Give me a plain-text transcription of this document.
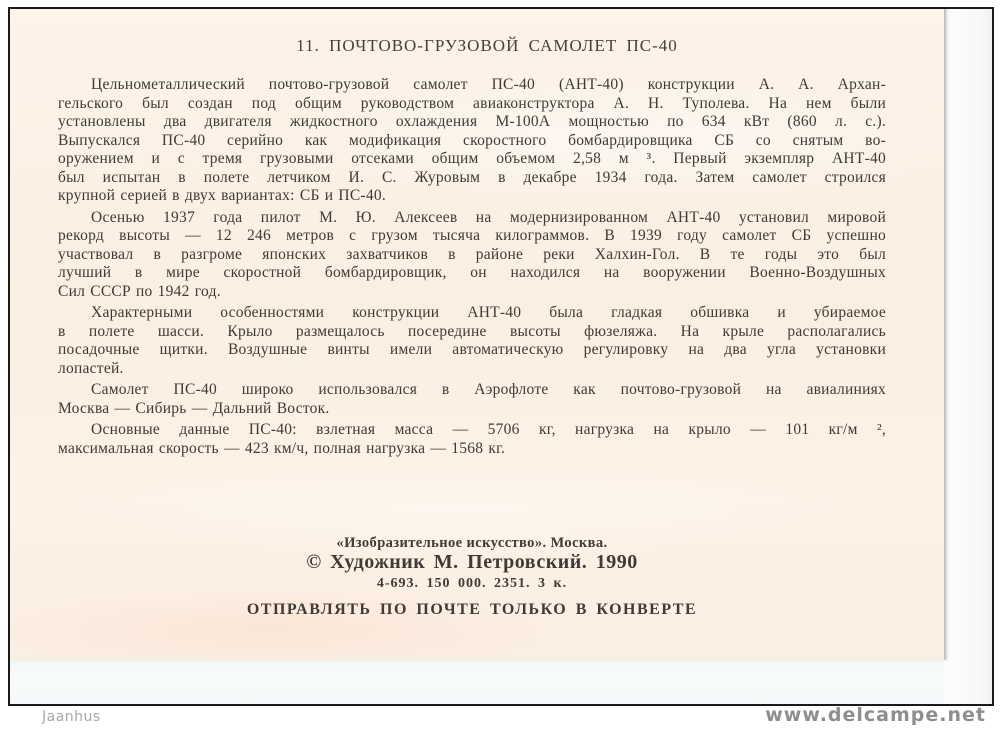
11. ПОЧТОВО-ГРУЗОВОЙ САМОЛЕТ ПС-40
Цельнометаллический почтово-грузовой самолет ПС-40 (АНТ-40) конструкции А. А. Архан-
гельского был создан под общим руководством авиаконструктора А. Н. Туполева. На нем были
установлены два двигателя жидкостного охлаждения М-100А мощностью по 634 кВт (860 л. с.).
Выпускался ПС-40 серийно как модификация скоростного бомбардировщика СБ со снятым во-
оружением и с тремя грузовыми отсеками общим объемом 2,58 м ³. Первый экземпляр АНТ-40
был испытан в полете летчиком И. С. Журовым в декабре 1934 года. Затем самолет строился
крупной серией в двух вариантах: СБ и ПС-40.
Осенью 1937 года пилот М. Ю. Алексеев на модернизированном АНТ-40 установил мировой
рекорд высоты — 12 246 метров с грузом тысяча килограммов. В 1939 году самолет СБ успешно
участвовал в разгроме японских захватчиков в районе реки Халхин-Гол. В те годы это был
лучший в мире скоростной бомбардировщик, он находился на вооружении Военно-Воздушных
Сил СССР по 1942 год.
Характерными особенностями конструкции АНТ-40 была гладкая обшивка и убираемое
в полете шасси. Крыло размещалось посередине высоты фюзеляжа. На крыле располагались
посадочные щитки. Воздушные винты имели автоматическую регулировку на два угла установки
лопастей.
Самолет ПС-40 широко использовался в Аэрофлоте как почтово-грузовой на авиалиниях
Москва — Сибирь — Дальний Восток.
Основные данные ПС-40: взлетная масса — 5706 кг, нагрузка на крыло — 101 кг/м ²,
максимальная скорость — 423 км/ч, полная нагрузка — 1568 кг.
«Изобразительное искусство». Москва.
© Художник М. Петровский. 1990
4-693. 150 000. 2351. 3 к.
ОТПРАВЛЯТЬ ПО ПОЧТЕ ТОЛЬКО В КОНВЕРТЕ
Jaanhus	www.delcampe.net
